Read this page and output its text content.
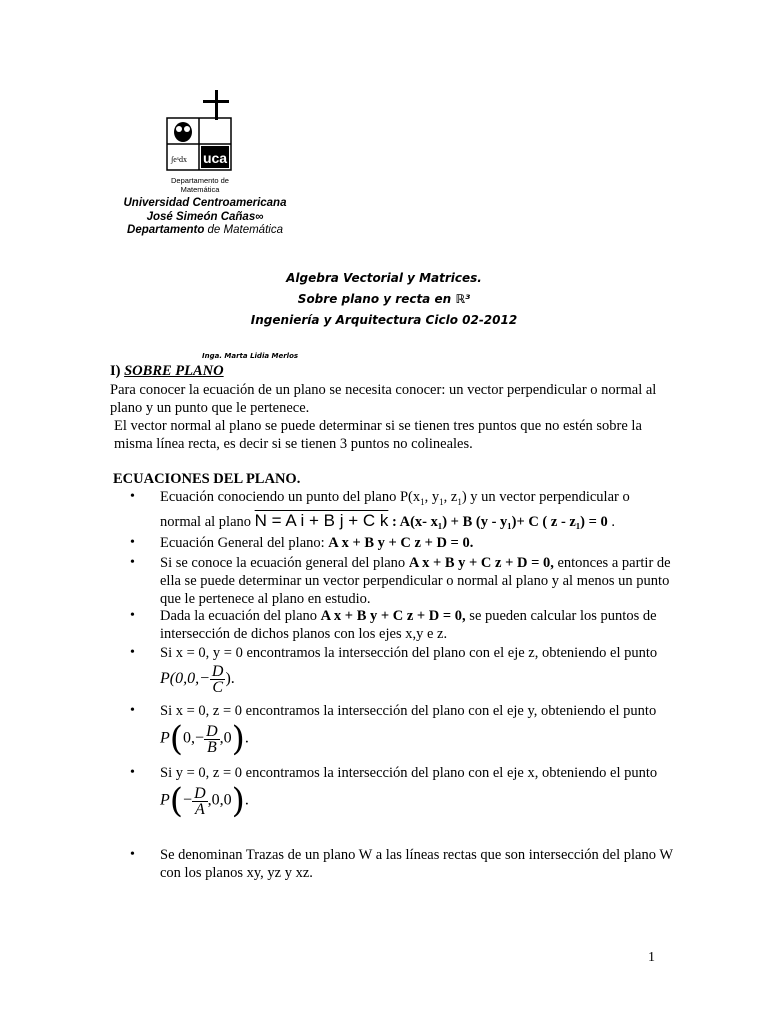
uca
∫eˣdx
Departamento de
Matemática
Universidad Centroamericana
José Simeón Cañas∞
Departamento de Matemática
Algebra Vectorial y Matrices.
Sobre plano y recta en ℝ³
Ingeniería y Arquitectura Ciclo 02-2012
Inga. Marta Lidia Merlos
I) SOBRE PLANO
Para conocer la ecuación de un plano se necesita conocer: un vector perpendicular o normal al plano y un punto que le pertenece.
El vector normal al plano se puede determinar si se tienen tres puntos que no estén sobre la misma línea recta, es decir si se tienen 3 puntos no colineales.
ECUACIONES DEL PLANO.
• Ecuación conociendo un punto del plano $P(x_1$, $y_1$, $z_1$) y un vector perpendicular o
normal al plano N = A i + B j + C k : A(x- x₁) + B (y - y₁)+ C ( z - z₁) = 0 .
• Ecuación General del plano: A x + B y + C z + D = 0.
• Si se conoce la ecuación general del plano A x + B y + C z + D = 0, entonces a partir de ella se puede determinar un vector perpendicular o normal al plano y al menos un punto que le pertenece al plano en estudio.
• Dada la ecuación del plano A x + B y + C z + D = 0, se pueden calcular los puntos de intersección de dichos planos con los ejes x,y e z.
• Si x = 0, y = 0 encontramos la intersección del plano con el eje z, obteniendo el punto
• Si x = 0, z = 0 encontramos la intersección del plano con el eje y, obteniendo el punto
• Si y = 0, z = 0 encontramos la intersección del plano con el eje x, obteniendo el punto
• Se denominan Trazas de un plano W a las líneas rectas que son intersección del plano W con los planos xy, yz y xz.
$P(0,0,- \frac{D}{C}$ ).
$P(0,- \frac{D}{B} ,0)$.
$P(- \frac{D}{A} ,0,0)$.
1
